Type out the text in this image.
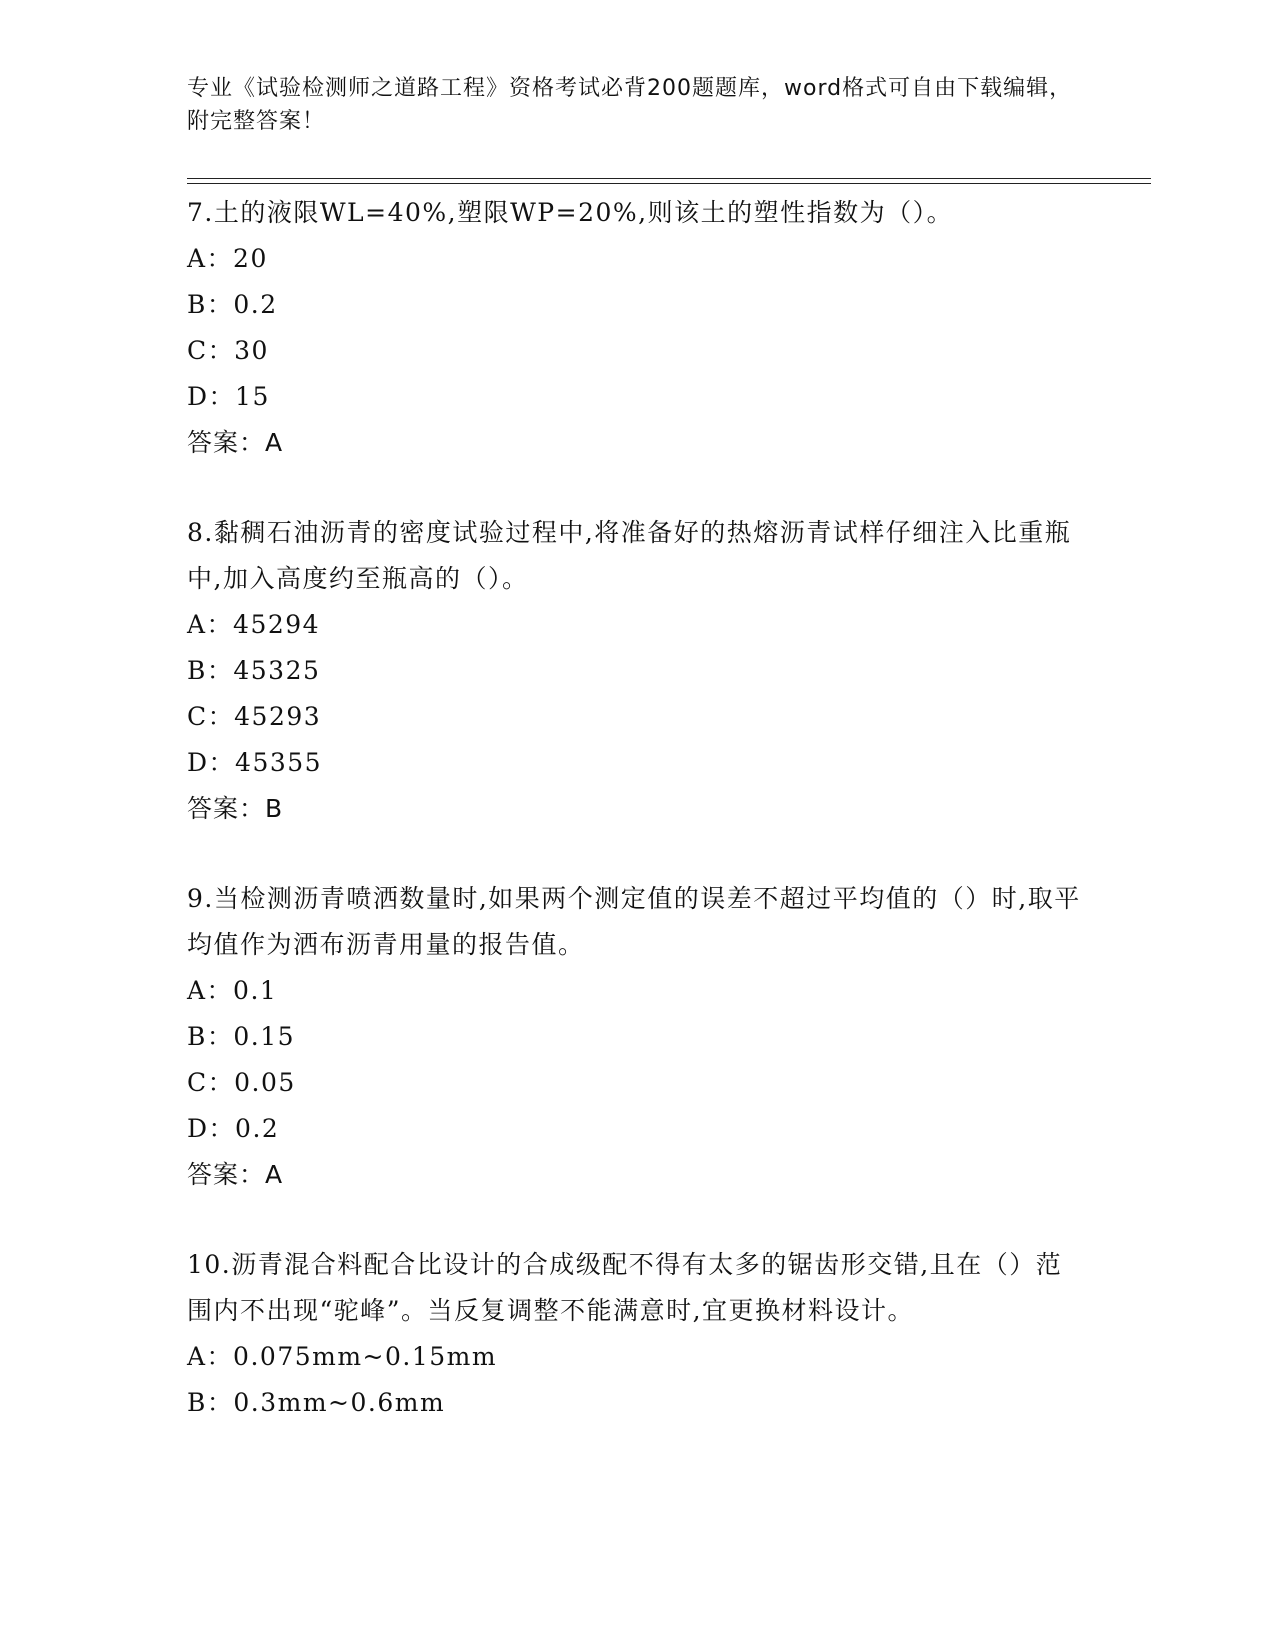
专业《试验检测师之道路工程》资格考试必背200题题库，word格式可自由下载编辑，附完整答案！
7.土的液限WL=40%,塑限WP=20%,则该土的塑性指数为（）。
A：20
B：0.2
C：30
D：15
答案：A
8.黏稠石油沥青的密度试验过程中,将准备好的热熔沥青试样仔细注入比重瓶中,加入高度约至瓶高的（）。
A：45294
B：45325
C：45293
D：45355
答案：B
9.当检测沥青喷洒数量时,如果两个测定值的误差不超过平均值的（）时,取平均值作为洒布沥青用量的报告值。
A：0.1
B：0.15
C：0.05
D：0.2
答案：A
10.沥青混合料配合比设计的合成级配不得有太多的锯齿形交错,且在（）范围内不出现“驼峰”。当反复调整不能满意时,宜更换材料设计。
A：0.075mm~0.15mm
B：0.3mm~0.6mm
